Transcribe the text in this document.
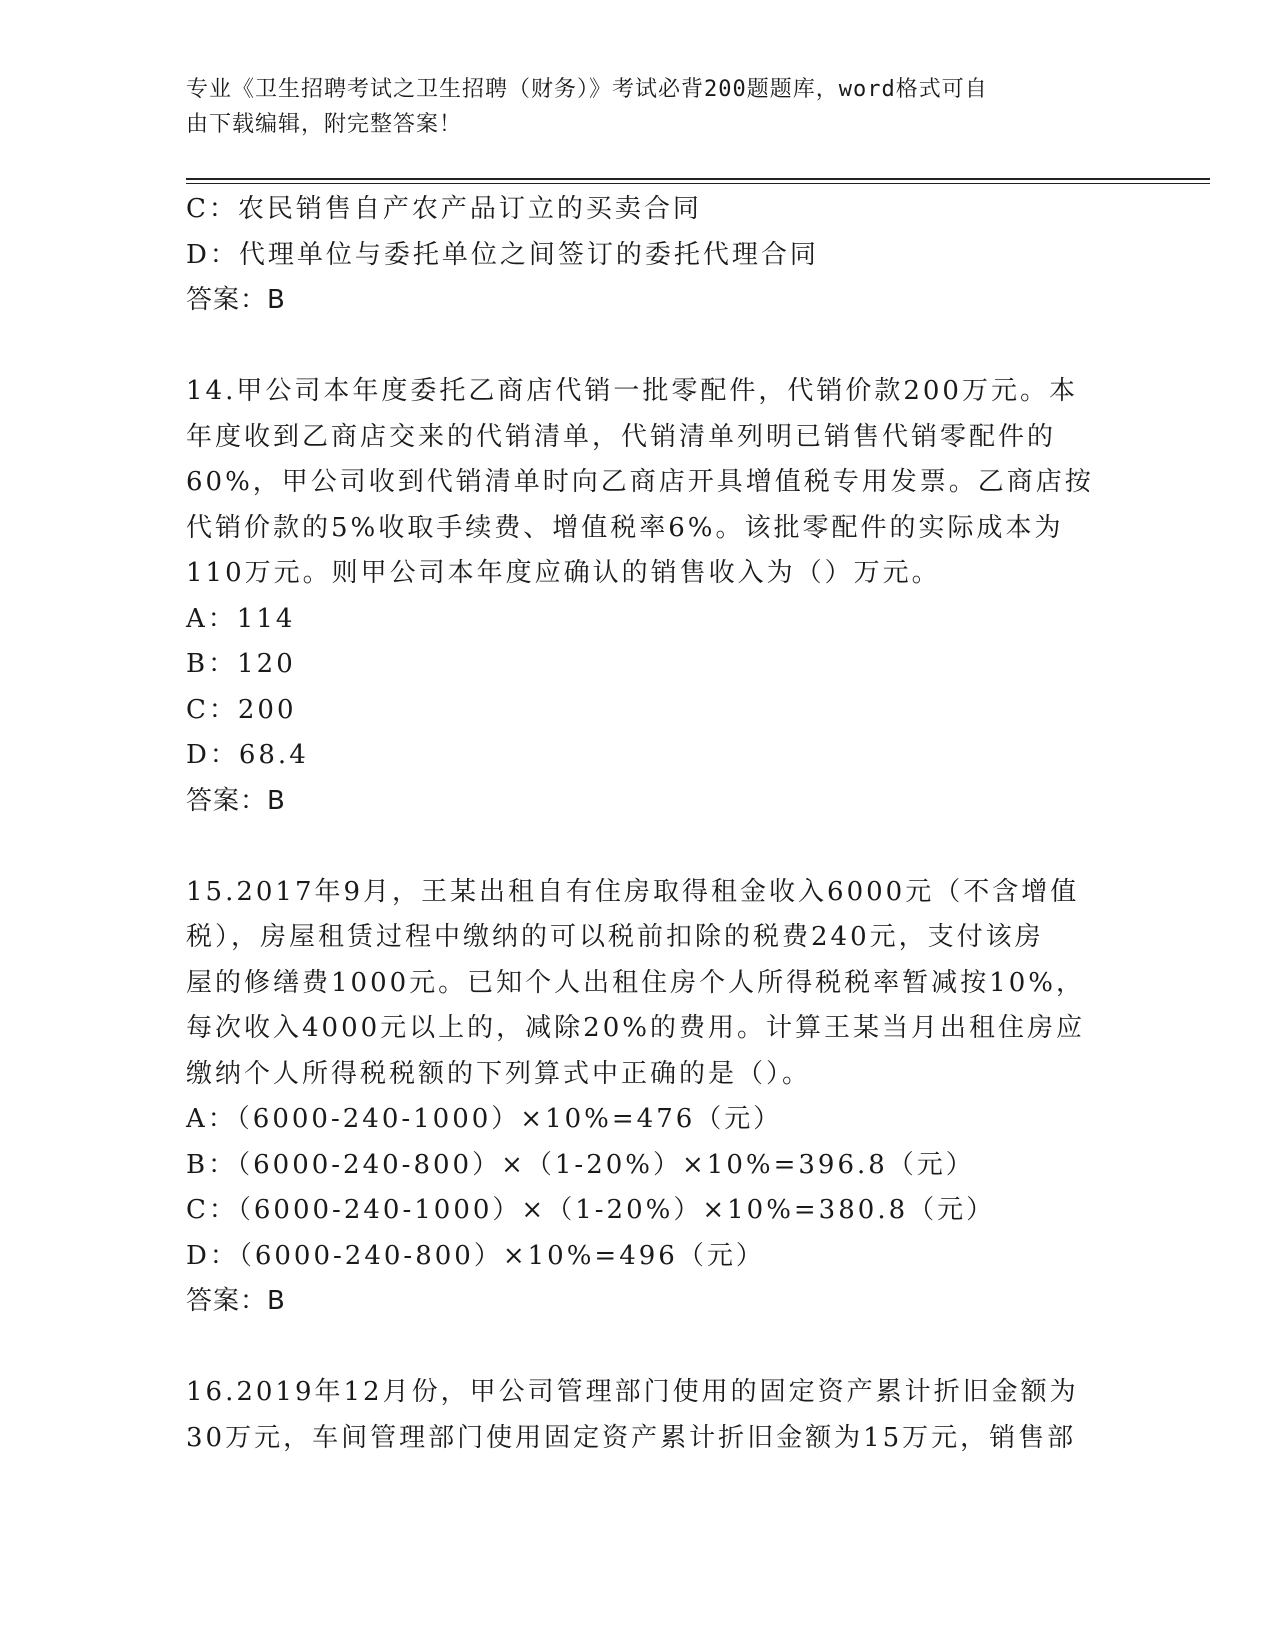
专业《卫生招聘考试之卫生招聘（财务）》考试必背200题题库，word格式可自
由下载编辑，附完整答案！
C：农民销售自产农产品订立的买卖合同
D：代理单位与委托单位之间签订的委托代理合同
答案：B
14.甲公司本年度委托乙商店代销一批零配件，代销价款200万元。本
年度收到乙商店交来的代销清单，代销清单列明已销售代销零配件的
60%，甲公司收到代销清单时向乙商店开具增值税专用发票。乙商店按
代销价款的5%收取手续费、增值税率6%。该批零配件的实际成本为
110万元。则甲公司本年度应确认的销售收入为（）万元。
A：114
B：120
C：200
D：68.4
答案：B
15.2017年9月，王某出租自有住房取得租金收入6000元（不含增值
税），房屋租赁过程中缴纳的可以税前扣除的税费240元，支付该房
屋的修缮费1000元。已知个人出租住房个人所得税税率暂减按10%，
每次收入4000元以上的，减除20%的费用。计算王某当月出租住房应
缴纳个人所得税税额的下列算式中正确的是（）。
A：（6000-240-1000）×10%=476（元）
B：（6000-240-800）×（1-20%）×10%=396.8（元）
C：（6000-240-1000）×（1-20%）×10%=380.8（元）
D：（6000-240-800）×10%=496（元）
答案：B
16.2019年12月份，甲公司管理部门使用的固定资产累计折旧金额为
30万元，车间管理部门使用固定资产累计折旧金额为15万元，销售部
